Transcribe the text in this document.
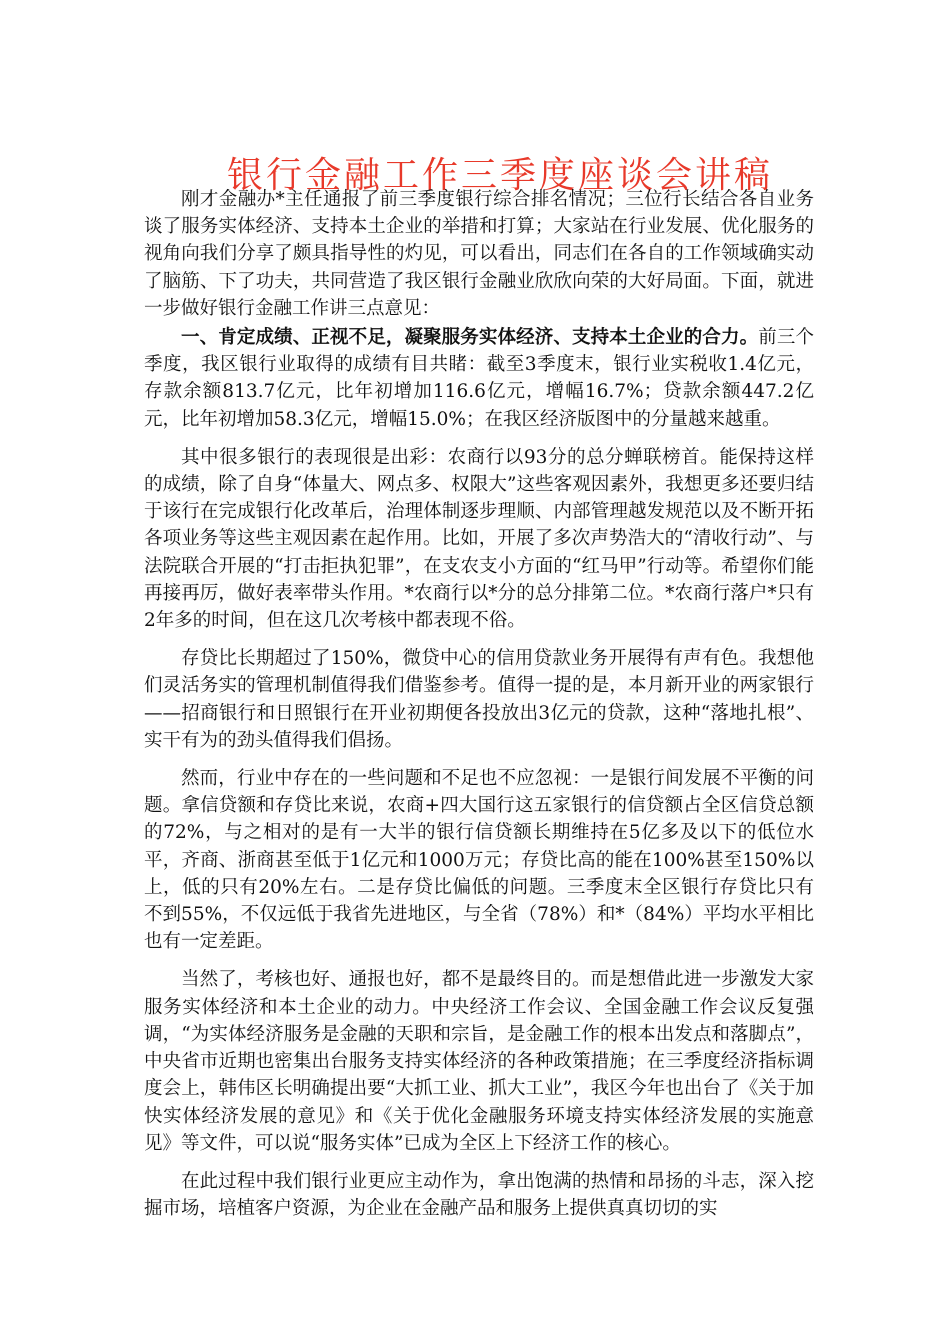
银行金融工作三季度座谈会讲稿

刚才金融办*主任通报了前三季度银行综合排名情况；三位行长结合各自业务谈了服务实体经济、支持本土企业的举措和打算；大家站在行业发展、优化服务的视角向我们分享了颇具指导性的灼见，可以看出，同志们在各自的工作领域确实动了脑筋、下了功夫，共同营造了我区银行金融业欣欣向荣的大好局面。下面，就进一步做好银行金融工作讲三点意见：

一、肯定成绩、正视不足，凝聚服务实体经济、支持本土企业的合力。前三个季度，我区银行业取得的成绩有目共睹：截至3季度末，银行业实税收1.4亿元，存款余额813.7亿元，比年初增加116.6亿元，增幅16.7%；贷款余额447.2亿元，比年初增加58.3亿元，增幅15.0%；在我区经济版图中的分量越来越重。

其中很多银行的表现很是出彩：农商行以93分的总分蝉联榜首。能保持这样的成绩，除了自身“体量大、网点多、权限大”这些客观因素外，我想更多还要归结于该行在完成银行化改革后，治理体制逐步理顺、内部管理越发规范以及不断开拓各项业务等这些主观因素在起作用。比如，开展了多次声势浩大的“清收行动”、与法院联合开展的“打击拒执犯罪”，在支农支小方面的“红马甲”行动等。希望你们能再接再厉，做好表率带头作用。*农商行以*分的总分排第二位。*农商行落户*只有2年多的时间，但在这几次考核中都表现不俗。

存贷比长期超过了150%，微贷中心的信用贷款业务开展得有声有色。我想他们灵活务实的管理机制值得我们借鉴参考。值得一提的是，本月新开业的两家银行——招商银行和日照银行在开业初期便各投放出3亿元的贷款，这种“落地扎根”、实干有为的劲头值得我们倡扬。

然而，行业中存在的一些问题和不足也不应忽视：一是银行间发展不平衡的问题。拿信贷额和存贷比来说，农商+四大国行这五家银行的信贷额占全区信贷总额的72%，与之相对的是有一大半的银行信贷额长期维持在5亿多及以下的低位水平，齐商、浙商甚至低于1亿元和1000万元；存贷比高的能在100%甚至150%以上，低的只有20%左右。二是存贷比偏低的问题。三季度末全区银行存贷比只有不到55%，不仅远低于我省先进地区，与全省（78%）和*（84%）平均水平相比也有一定差距。

当然了，考核也好、通报也好，都不是最终目的。而是想借此进一步激发大家服务实体经济和本土企业的动力。中央经济工作会议、全国金融工作会议反复强调，“为实体经济服务是金融的天职和宗旨，是金融工作的根本出发点和落脚点”，中央省市近期也密集出台服务支持实体经济的各种政策措施；在三季度经济指标调度会上，韩伟区长明确提出要“大抓工业、抓大工业”，我区今年也出台了《关于加快实体经济发展的意见》和《关于优化金融服务环境支持实体经济发展的实施意见》等文件，可以说“服务实体”已成为全区上下经济工作的核心。

在此过程中我们银行业更应主动作为，拿出饱满的热情和昂扬的斗志，深入挖掘市场，培植客户资源，为企业在金融产品和服务上提供真真切切的实
